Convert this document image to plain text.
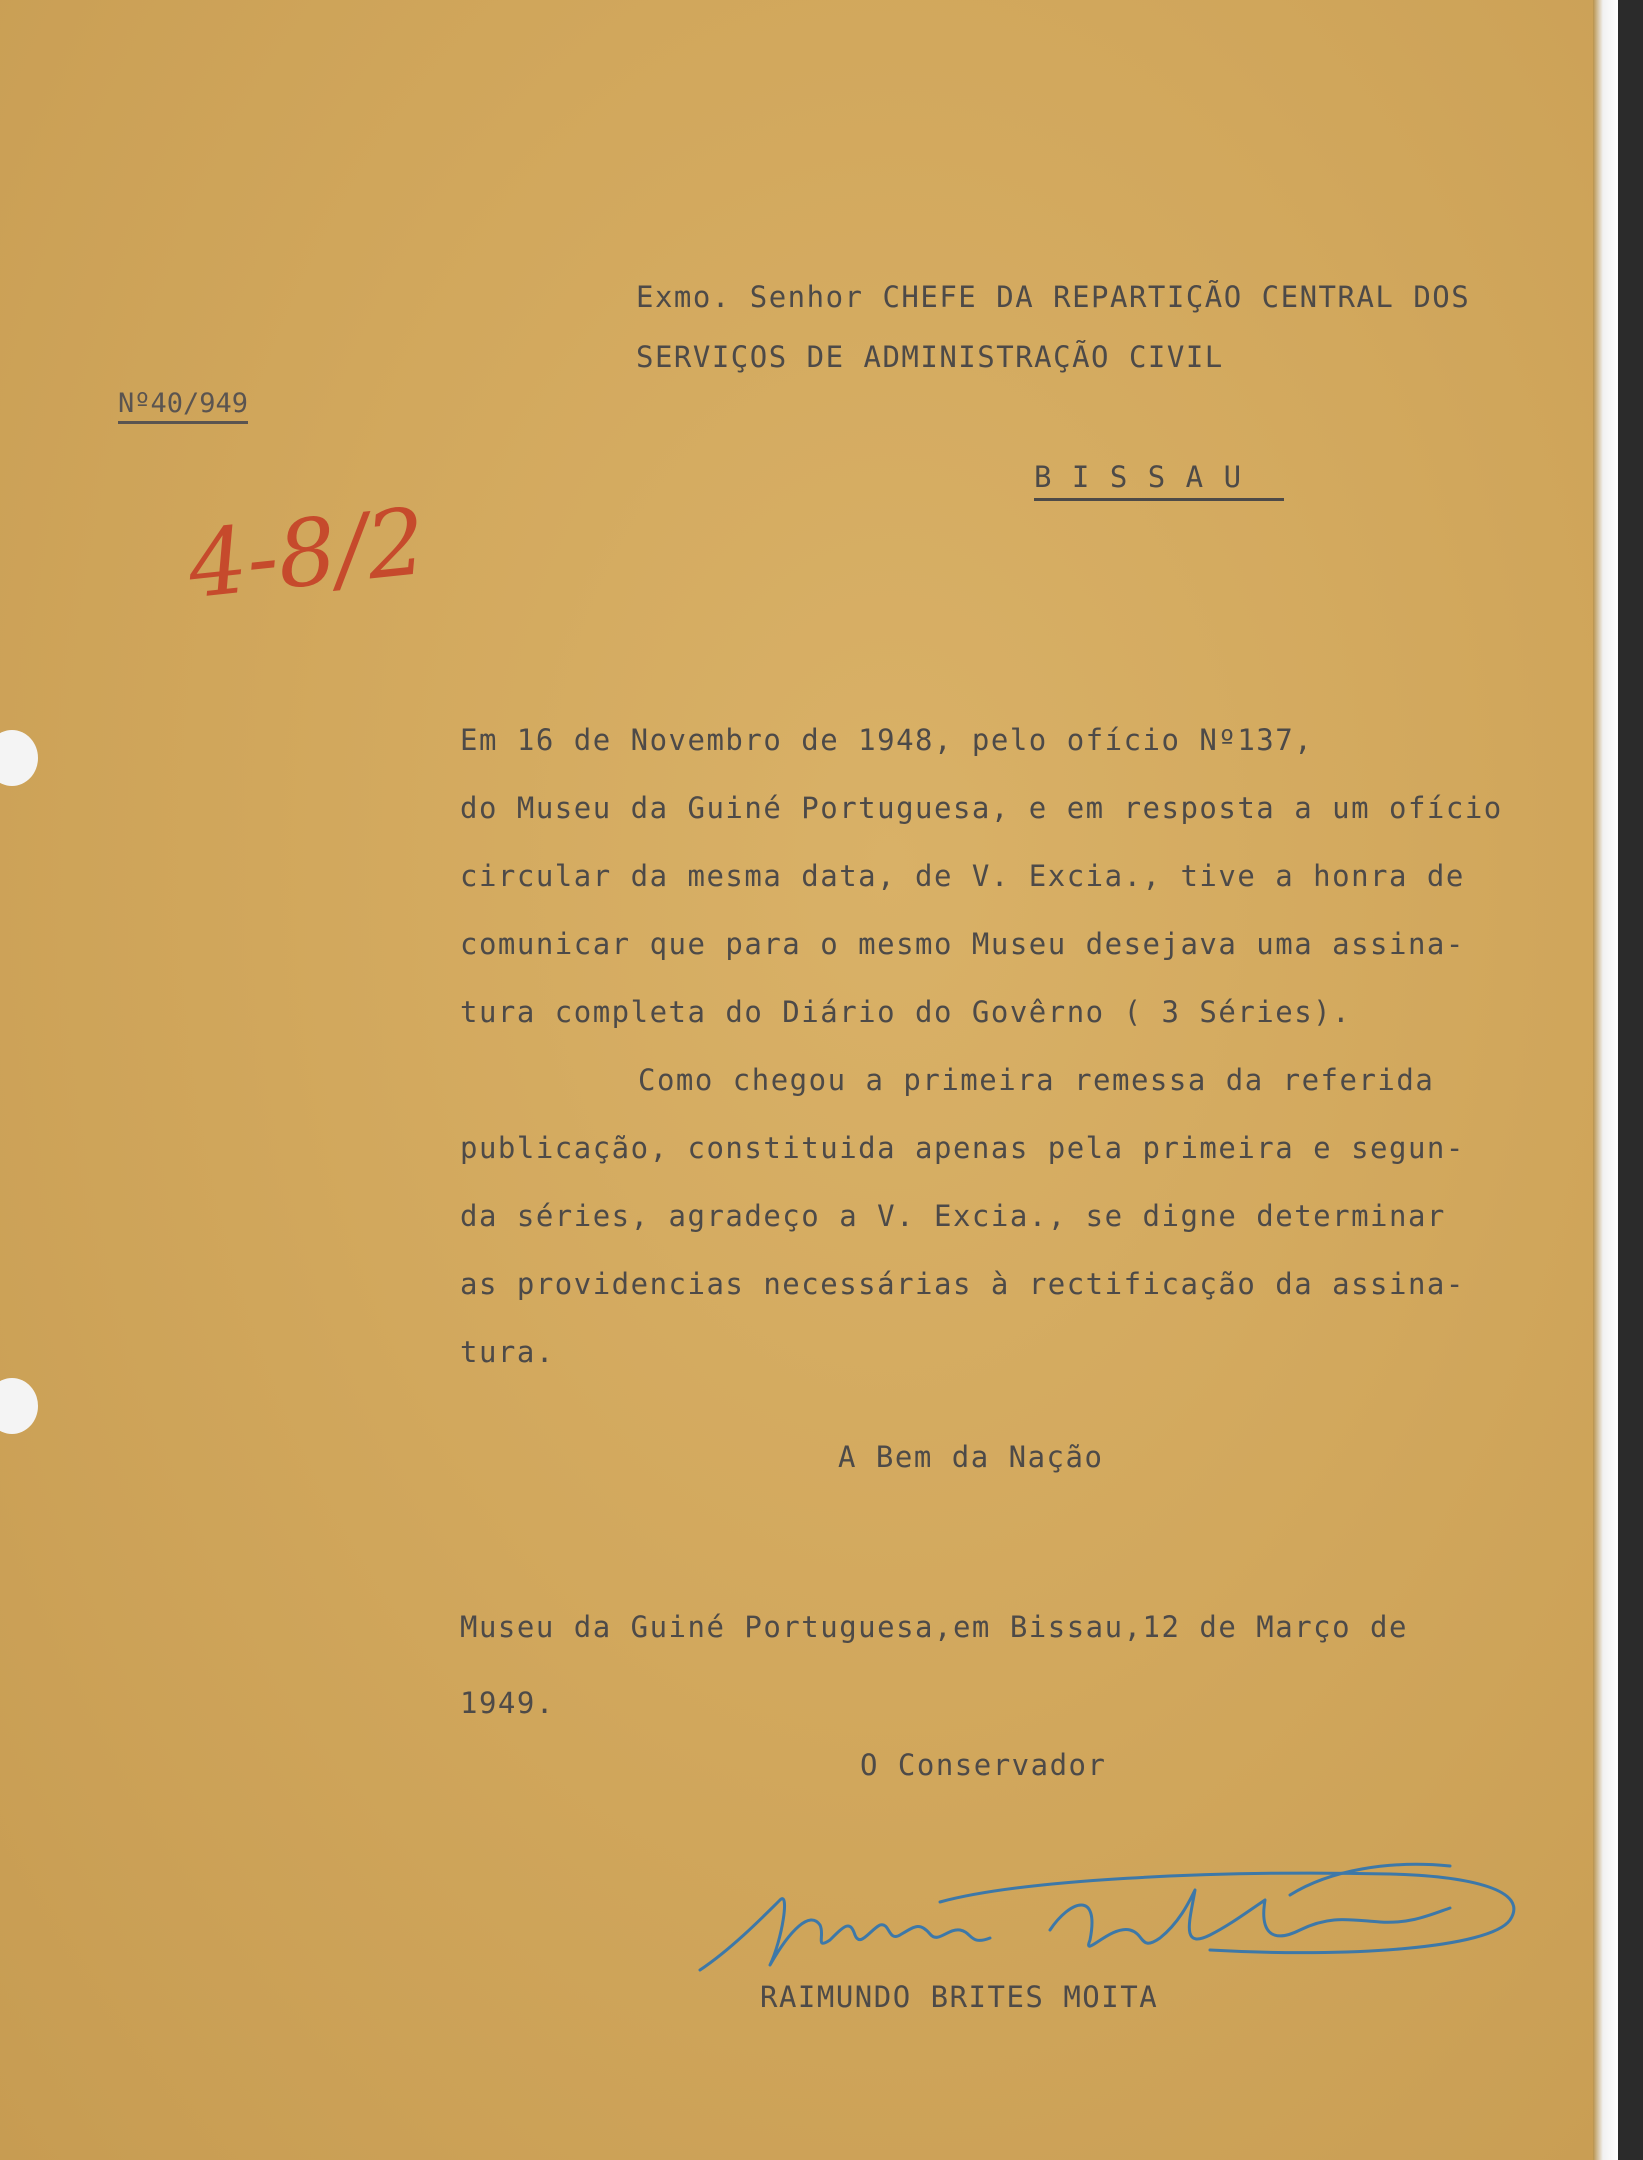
Exmo. Senhor CHEFE DA REPARTIÇÃO CENTRAL DOS
SERVIÇOS DE ADMINISTRAÇÃO CIVIL
Nº40/949
4-8/2
B I S S A U
Em 16 de Novembro de 1948, pelo ofício Nº137,
do Museu da Guiné Portuguesa, e em resposta a um ofício
circular da mesma data, de V. Excia., tive a honra de
comunicar que para o mesmo Museu desejava uma assina-
tura completa do Diário do Govêrno ( 3 Séries).
Como chegou a primeira remessa da referida
publicação, constituida apenas pela primeira e segun-
da séries, agradeço a V. Excia., se digne determinar
as providencias necessárias à rectificação da assina-
tura.
A Bem da Nação
Museu da Guiné Portuguesa,em Bissau,12 de Março de
1949.
O Conservador
RAIMUNDO BRITES MOITA
